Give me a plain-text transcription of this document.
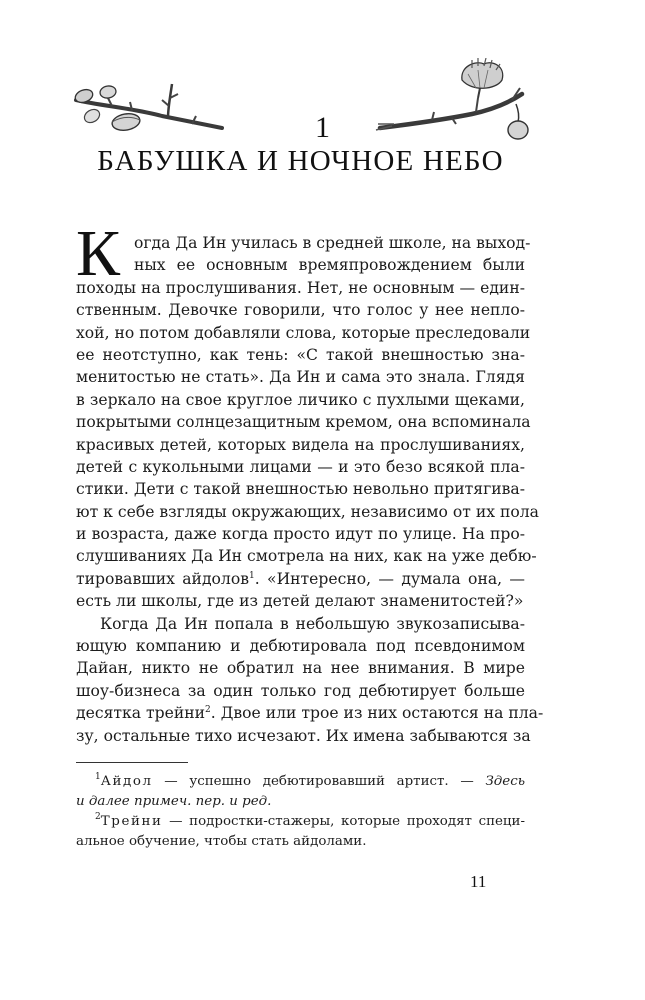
1
БАБУШКА И НОЧНОЕ НЕБО
К огда Да Ин училась в средней школе, на выход-
ных ее основным времяпровождением были
походы на прослушивания. Нет, не основным — един-
ственным. Девочке говорили, что голос у нее непло-
хой, но потом добавляли слова, которые преследовали
ее неотступно, как тень: «С такой внешностью зна-
менитостью не стать». Да Ин и сама это знала. Глядя
в зеркало на свое круглое личико с пухлыми щеками,
покрытыми солнцезащитным кремом, она вспоминала
красивых детей, которых видела на прослушиваниях,
детей с кукольными лицами — и это безо всякой пла-
стики. Дети с такой внешностью невольно притягива-
ют к себе взгляды окружающих, независимо от их пола
и возраста, даже когда просто идут по улице. На про-
слушиваниях Да Ин смотрела на них, как на уже дебю-
тировавших айдолов$^1$. «Интересно, — думала она, —
есть ли школы, где из детей делают знаменитостей?»
Когда Да Ин попала в небольшую звукозаписыва-
ющую компанию и дебютировала под псевдонимом
Дайан, никто не обратил на нее внимания. В мире
шоу-бизнеса за один только год дебютирует больше
десятка трейни$^2$. Двое или трое из них остаются на пла-
зу, остальные тихо исчезают. Их имена забываются за
$^1$Айдол — успешно дебютировавший артист. — Здесь
и далее примеч. пер. и ред.
$^2$Трейни — подростки-стажеры, которые проходят специ-
альное обучение, чтобы стать айдолами.
11
